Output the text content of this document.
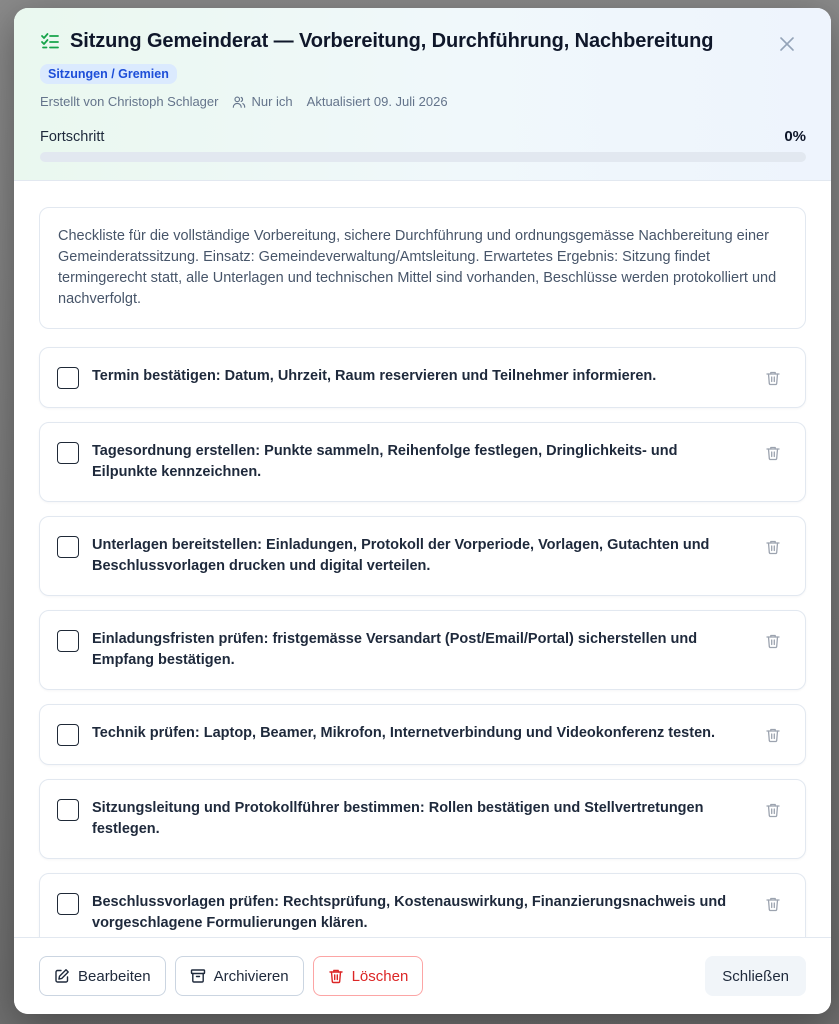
Sitzung Gemeinderat — Vorbereitung, Durchführung, Nachbereitung
Sitzungen / Gremien
Erstellt von Christoph Schlager	Nur ich Aktualisiert 09. Juli 2026
Fortschritt	0%
Checkliste für die vollständige Vorbereitung, sichere Durchführung und ordnungsgemässe Nachbereitung einer Gemeinderatssitzung. Einsatz: Gemeindeverwaltung/Amtsleitung. Erwartetes Ergebnis: Sitzung findet termingerecht statt, alle Unterlagen und technischen Mittel sind vorhanden, Beschlüsse werden protokolliert und nachverfolgt.
Termin bestätigen: Datum, Uhrzeit, Raum reservieren und Teilnehmer informieren.
Tagesordnung erstellen: Punkte sammeln, Reihenfolge festlegen, Dringlichkeits- und Eilpunkte kennzeichnen.
Unterlagen bereitstellen: Einladungen, Protokoll der Vorperiode, Vorlagen, Gutachten und Beschlussvorlagen drucken und digital verteilen.
Einladungsfristen prüfen: fristgemässe Versandart (Post/Email/Portal) sicherstellen und Empfang bestätigen.
Technik prüfen: Laptop, Beamer, Mikrofon, Internetverbindung und Videokonferenz testen.
Sitzungsleitung und Protokollführer bestimmen: Rollen bestätigen und Stellvertretungen festlegen.
Beschlussvorlagen prüfen: Rechtsprüfung, Kostenauswirkung, Finanzierungsnachweis und vorgeschlagene Formulierungen klären.
Bearbeiten	Archivieren	Löschen	Schließen
